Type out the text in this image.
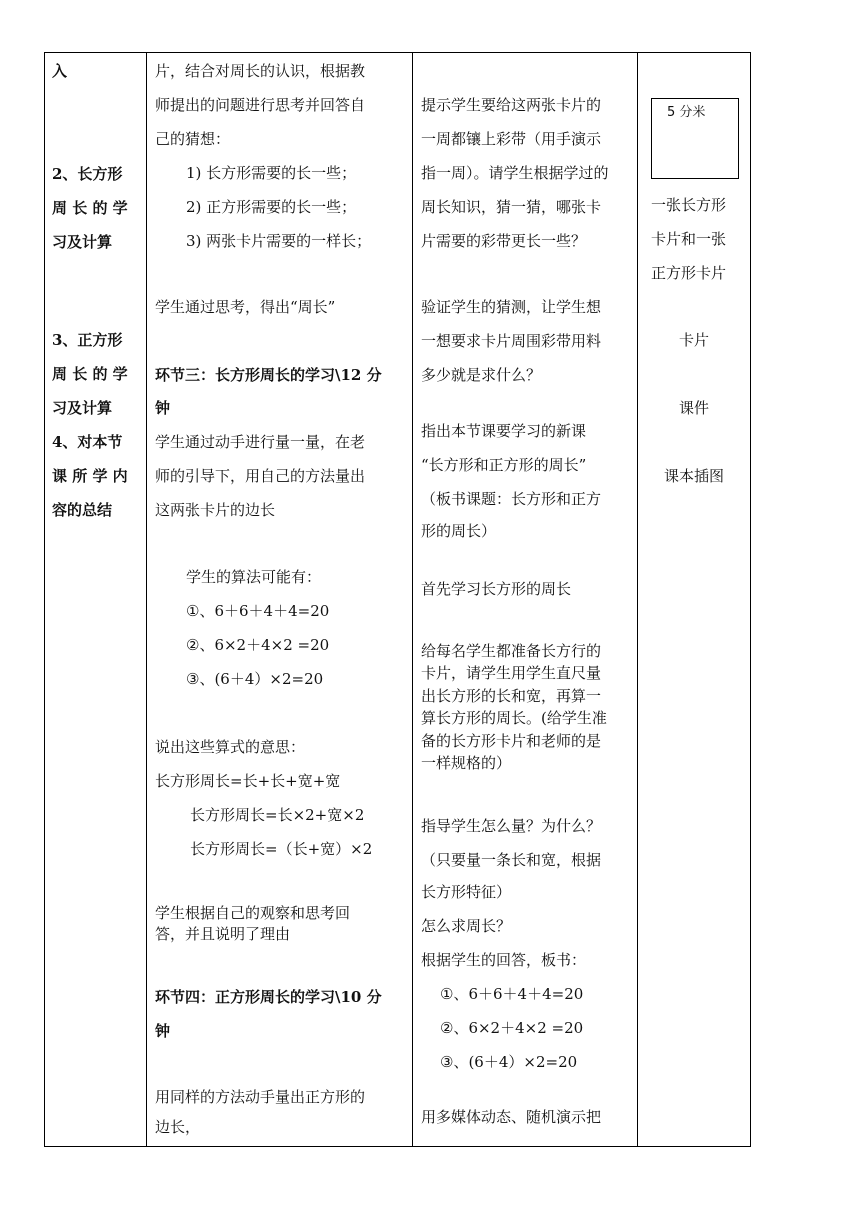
入
2、长方形
周 长 的 学
习及计算
3、正方形
周 长 的 学
习及计算
4、对本节
课 所 学 内
容的总结
片，结合对周长的认识，根据教
师提出的问题进行思考并回答自
己的猜想：
1) 长方形需要的长一些；
2) 正方形需要的长一些；
3) 两张卡片需要的一样长；
学生通过思考，得出“周长”
环节三：长方形周长的学习\12 分
钟
学生通过动手进行量一量，在老
师的引导下，用自己的方法量出
这两张卡片的边长
学生的算法可能有：
①、6＋6＋4＋4=20
②、6×2＋4×2 =20
③、(6＋4）×2=20
说出这些算式的意思：
长方形周长=长+长+宽+宽
长方形周长=长×2+宽×2
长方形周长=（长+宽）×2
学生根据自己的观察和思考回
答，并且说明了理由
环节四：正方形周长的学习\10 分
钟
用同样的方法动手量出正方形的
边长，
提示学生要给这两张卡片的
一周都镶上彩带（用手演示
指一周）。请学生根据学过的
周长知识，猜一猜，哪张卡
片需要的彩带更长一些？
验证学生的猜测，让学生想
一想要求卡片周围彩带用料
多少就是求什么？
指出本节课要学习的新课
“长方形和正方形的周长”
（板书课题：长方形和正方
形的周长）
首先学习长方形的周长
给每名学生都准备长方行的
卡片，请学生用学生直尺量
出长方形的长和宽，再算一
算长方形的周长。(给学生准
备的长方形卡片和老师的是
一样规格的）
指导学生怎么量？为什么？
（只要量一条长和宽，根据
长方形特征）
怎么求周长？
根据学生的回答，板书：
①、6＋6＋4＋4=20
②、6×2＋4×2 =20
③、(6＋4）×2=20
用多媒体动态、随机演示把
5 分米
一张长方形
卡片和一张
正方形卡片
卡片
课件
课本插图
